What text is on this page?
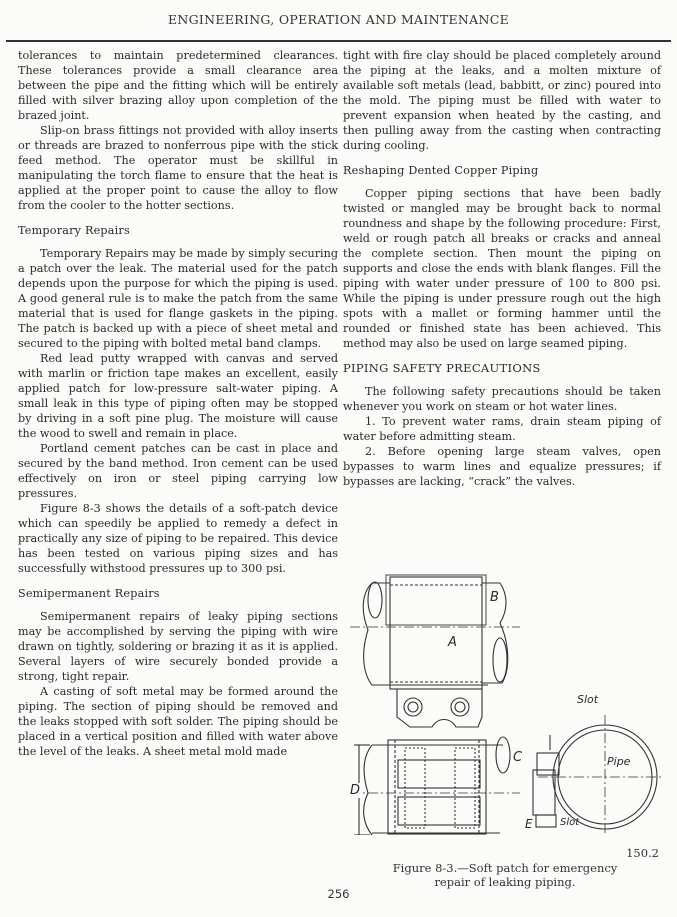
ENGINEERING, OPERATION AND MAINTENANCE

tolerances to maintain predetermined clearances. These tolerances provide a small clearance area between the pipe and the fitting which will be entirely filled with silver brazing alloy upon completion of the brazed joint.

Slip-on brass fittings not provided with alloy inserts or threads are brazed to nonferrous pipe with the stick feed method. The operator must be skillful in manipulating the torch flame to ensure that the heat is applied at the proper point to cause the alloy to flow from the cooler to the hotter sections.

Temporary Repairs

Temporary Repairs may be made by simply securing a patch over the leak. The material used for the patch depends upon the purpose for which the piping is used. A good general rule is to make the patch from the same material that is used for flange gaskets in the piping. The patch is backed up with a piece of sheet metal and secured to the piping with bolted metal band clamps.

Red lead putty wrapped with canvas and served with marlin or friction tape makes an excellent, easily applied patch for low-pressure salt-water piping. A small leak in this type of piping often may be stopped by driving in a soft pine plug. The moisture will cause the wood to swell and remain in place.

Portland cement patches can be cast in place and secured by the band method. Iron cement can be used effectively on iron or steel piping carrying low pressures.

Figure 8-3 shows the details of a soft-patch device which can speedily be applied to remedy a defect in practically any size of piping to be repaired. This device has been tested on various piping sizes and has successfully withstood pressures up to 300 psi.

Semipermanent Repairs

Semipermanent repairs of leaky piping sections may be accomplished by serving the piping with wire drawn on tightly, soldering or brazing it as it is applied. Several layers of wire securely bonded provide a strong, tight repair.

A casting of soft metal may be formed around the piping. The section of piping should be removed and the leaks stopped with soft solder. The piping should be placed in a vertical position and filled with water above the level of the leaks. A sheet metal mold made

tight with fire clay should be placed completely around the piping at the leaks, and a molten mixture of available soft metals (lead, babbitt, or zinc) poured into the mold. The piping must be filled with water to prevent expansion when heated by the casting, and then pulling away from the casting when contracting during cooling.

Reshaping Dented Copper Piping

Copper piping sections that have been badly twisted or mangled may be brought back to normal roundness and shape by the following procedure: First, weld or rough patch all breaks or cracks and anneal the complete section. Then mount the piping on supports and close the ends with blank flanges. Fill the piping with water under pressure of 100 to 800 psi. While the piping is under pressure rough out the high spots with a mallet or forming hammer until the rounded or finished state has been achieved. This method may also be used on large seamed piping.

PIPING SAFETY PRECAUTIONS

The following safety precautions should be taken whenever you work on steam or hot water lines.

1. To prevent water rams, drain steam piping of water before admitting steam.

2. Before opening large steam valves, open bypasses to warm lines and equalize pressures; if bypasses are lacking, “crack” the valves.

B
A
D
C
E
Slot
Slot
Pipe
150.2
Figure 8-3.—Soft patch for emergency
repair of leaking piping.
256
